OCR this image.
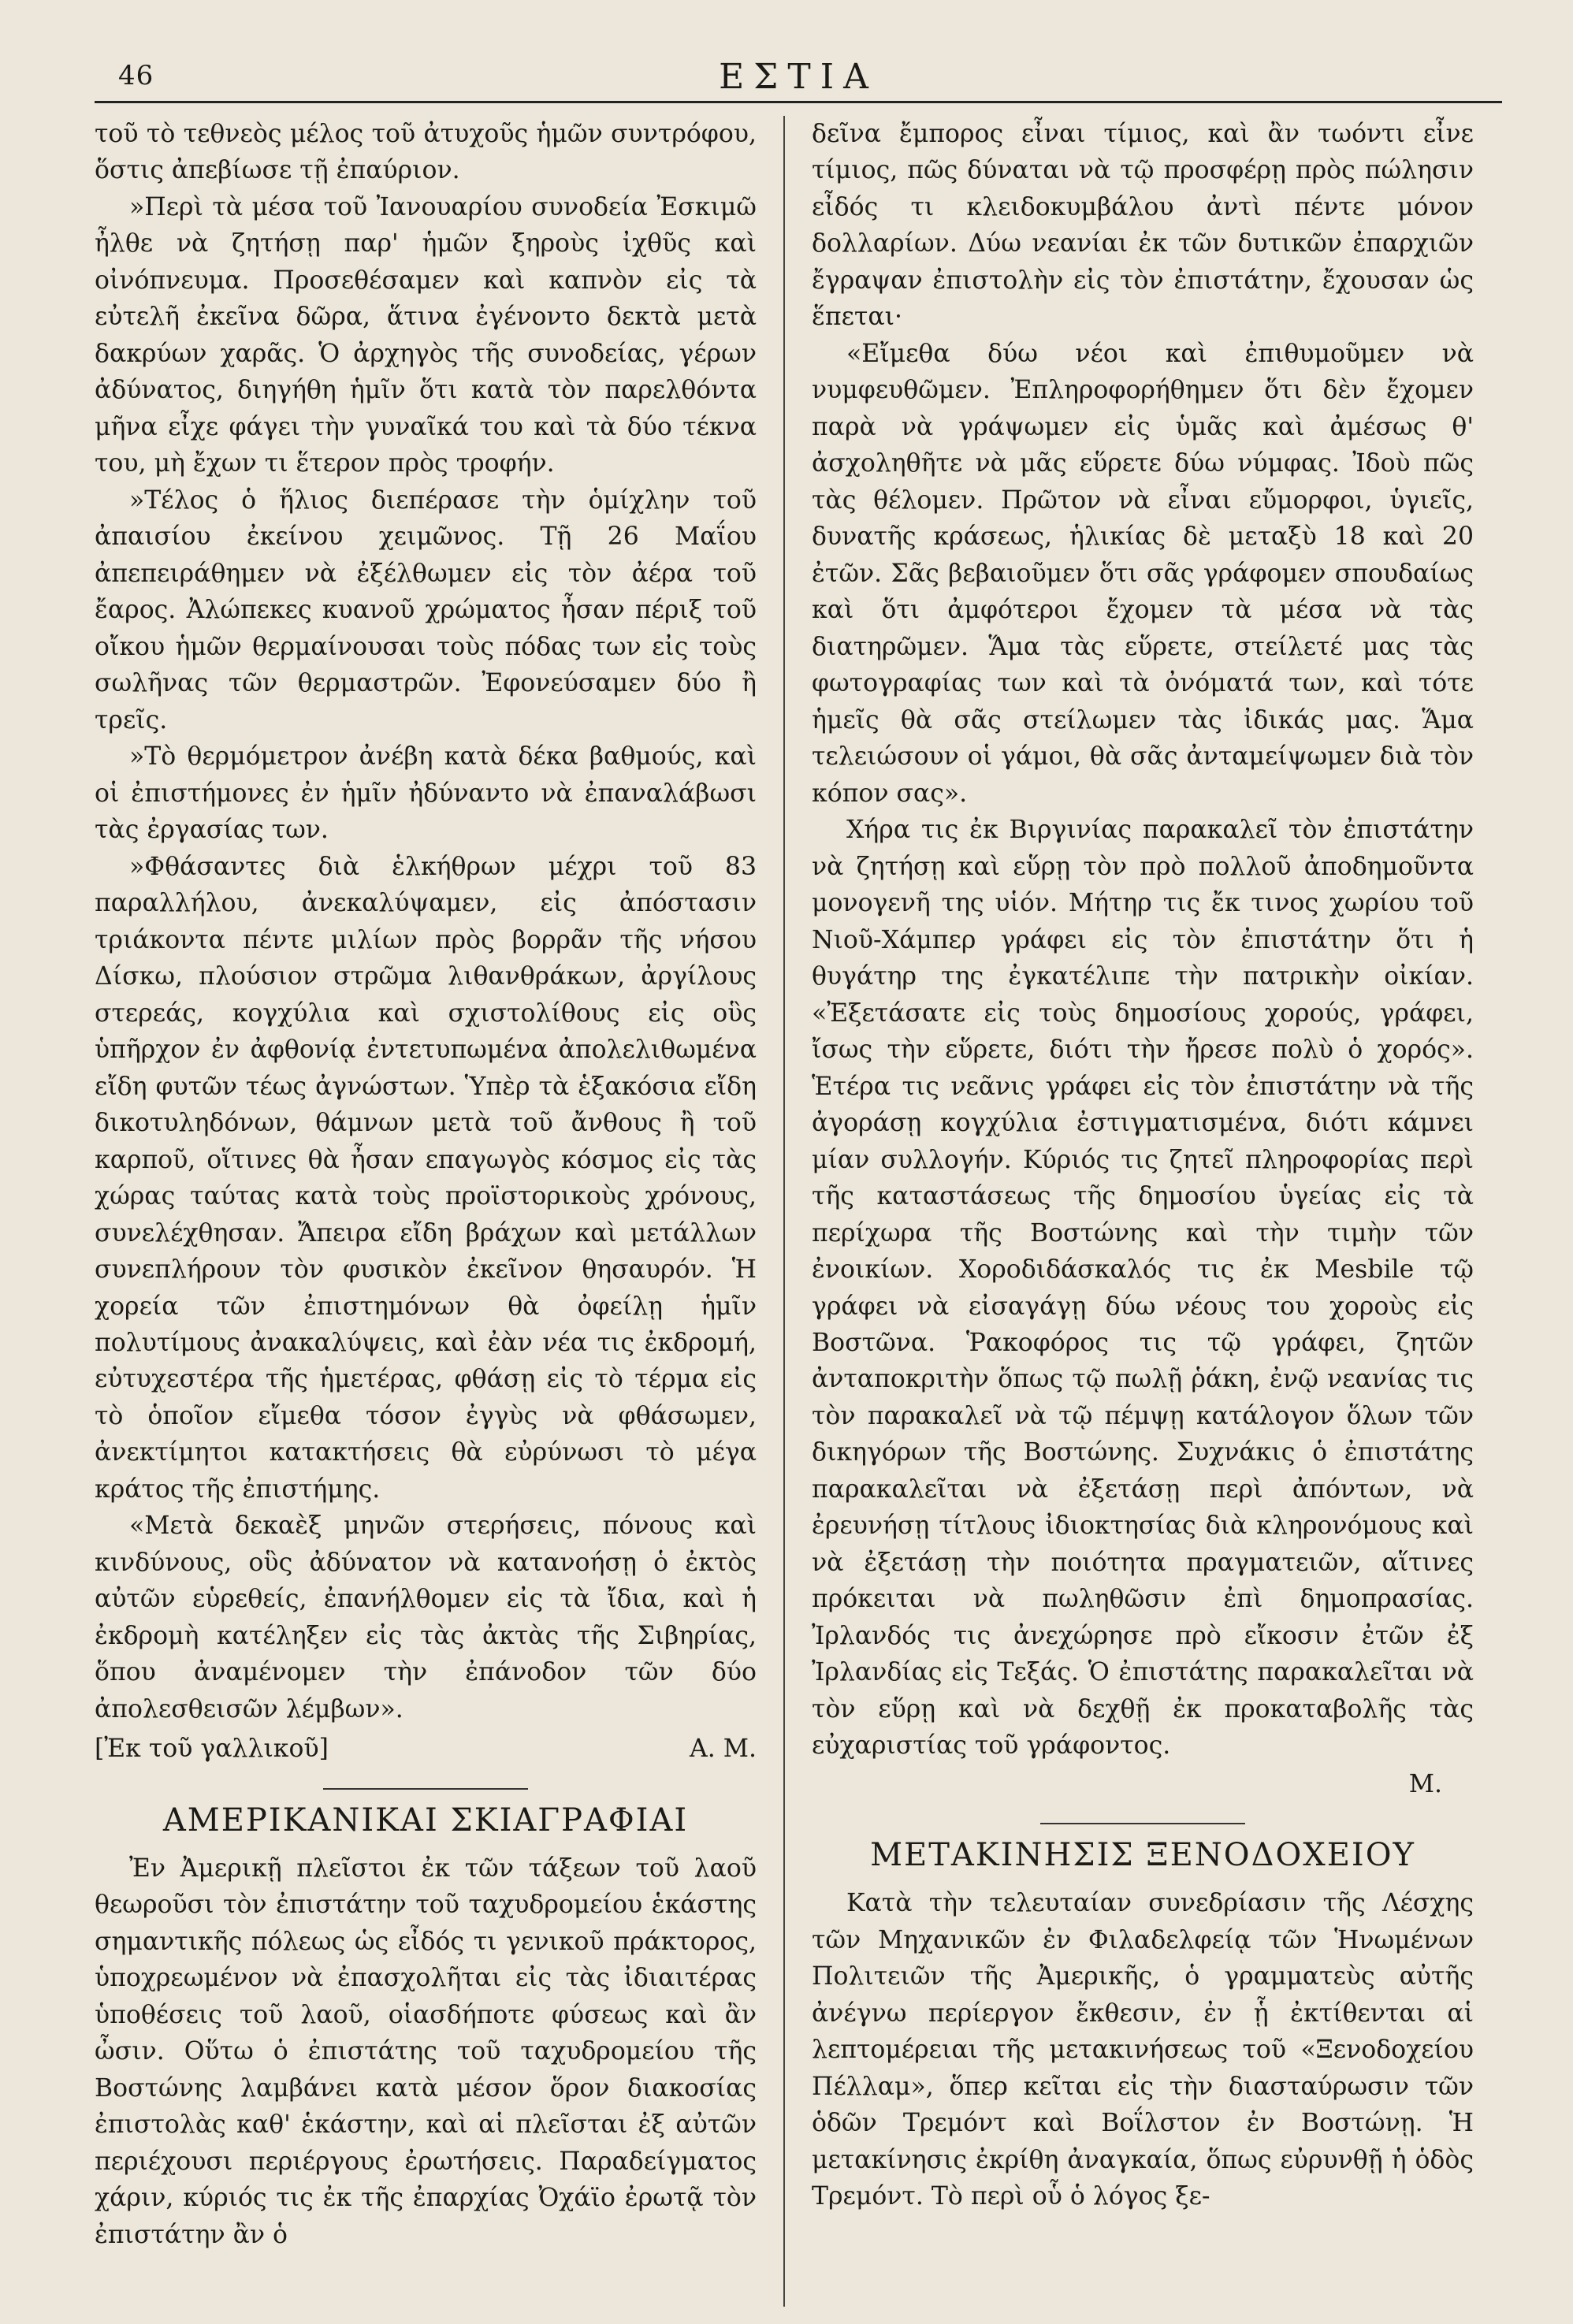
46	ΕΣΤΙΑ

τοῦ τὸ τεθνεὸς μέλος τοῦ ἀτυχοῦς ἡμῶν συντρόφου, ὅστις ἀπεβίωσε τῇ ἐπαύριον.

»Περὶ τὰ μέσα τοῦ Ἰανουαρίου συνοδεία Ἐσκιμῶ ἦλθε νὰ ζητήσῃ παρ' ἡμῶν ξηροὺς ἰχθῦς καὶ οἰνόπνευμα. Προσεθέσαμεν καὶ καπνὸν εἰς τὰ εὐτελῆ ἐκεῖνα δῶρα, ἅτινα ἐγένοντο δεκτὰ μετὰ δακρύων χαρᾶς. Ὁ ἀρχηγὸς τῆς συνοδείας, γέρων ἀδύνατος, διηγήθη ἡμῖν ὅτι κατὰ τὸν παρελθόντα μῆνα εἶχε φάγει τὴν γυναῖκά του καὶ τὰ δύο τέκνα του, μὴ ἔχων τι ἕτερον πρὸς τροφήν.

»Τέλος ὁ ἥλιος διεπέρασε τὴν ὁμίχλην τοῦ ἀπαισίου ἐκείνου χειμῶνος. Τῇ 26 Μαΐου ἀπεπειράθημεν νὰ ἐξέλθωμεν εἰς τὸν ἀέρα τοῦ ἔαρος. Ἀλώπεκες κυανοῦ χρώματος ἦσαν πέριξ τοῦ οἴκου ἡμῶν θερμαίνουσαι τοὺς πόδας των εἰς τοὺς σωλῆνας τῶν θερμαστρῶν. Ἐφονεύσαμεν δύο ἢ τρεῖς.

»Τὸ θερμόμετρον ἀνέβη κατὰ δέκα βαθμούς, καὶ οἱ ἐπιστήμονες ἐν ἡμῖν ἠδύναντο νὰ ἐπαναλάβωσι τὰς ἐργασίας των.

»Φθάσαντες διὰ ἑλκήθρων μέχρι τοῦ 83 παραλλήλου, ἀνεκαλύψαμεν, εἰς ἀπόστασιν τριάκοντα πέντε μιλίων πρὸς βορρᾶν τῆς νήσου Δίσκω, πλούσιον στρῶμα λιθανθράκων, ἀργίλους στερεάς, κογχύλια καὶ σχιστολίθους εἰς οὓς ὑπῆρχον ἐν ἀφθονίᾳ ἐντετυπωμένα ἀπολελιθωμένα εἴδη φυτῶν τέως ἀγνώστων. Ὑπὲρ τὰ ἑξακόσια εἴδη δικοτυληδόνων, θάμνων μετὰ τοῦ ἄνθους ἢ τοῦ καρποῦ, οἵτινες θὰ ἦσαν επαγωγὸς κόσμος εἰς τὰς χώρας ταύτας κατὰ τοὺς προϊστορικοὺς χρόνους, συνελέχθησαν. Ἄπειρα εἴδη βράχων καὶ μετάλλων συνεπλήρουν τὸν φυσικὸν ἐκεῖνον θησαυρόν. Ἡ χορεία τῶν ἐπιστημόνων θὰ ὀφείλῃ ἡμῖν πολυτίμους ἀνακαλύψεις, καὶ ἐὰν νέα τις ἐκδρομή, εὐτυχεστέρα τῆς ἡμετέρας, φθάσῃ εἰς τὸ τέρμα εἰς τὸ ὁποῖον εἴμεθα τόσον ἐγγὺς νὰ φθάσωμεν, ἀνεκτίμητοι κατακτήσεις θὰ εὐρύνωσι τὸ μέγα κράτος τῆς ἐπιστήμης.

«Μετὰ δεκαὲξ μηνῶν στερήσεις, πόνους καὶ κινδύνους, οὓς ἀδύνατον νὰ κατανοήσῃ ὁ ἐκτὸς αὐτῶν εὑρεθείς, ἐπανήλθομεν εἰς τὰ ἴδια, καὶ ἡ ἐκδρομὴ κατέληξεν εἰς τὰς ἀκτὰς τῆς Σιβηρίας, ὅπου ἀναμένομεν τὴν ἐπάνοδον τῶν δύο ἀπολεσθεισῶν λέμβων».

[Ἐκ τοῦ γαλλικοῦ]	Α. Μ.
ΑΜΕΡΙΚΑΝΙΚΑΙ ΣΚΙΑΓΡΑΦΙΑΙ

Ἐν Ἀμερικῇ πλεῖστοι ἐκ τῶν τάξεων τοῦ λαοῦ θεωροῦσι τὸν ἐπιστάτην τοῦ ταχυδρομείου ἑκάστης σημαντικῆς πόλεως ὡς εἶδός τι γενικοῦ πράκτορος, ὑποχρεωμένον νὰ ἐπασχολῆται εἰς τὰς ἰδιαιτέρας ὑποθέσεις τοῦ λαοῦ, οἱασδήποτε φύσεως καὶ ἂν ὦσιν. Οὕτω ὁ ἐπιστάτης τοῦ ταχυδρομείου τῆς Βοστώνης λαμβάνει κατὰ μέσον ὅρον διακοσίας ἐπιστολὰς καθ' ἑκάστην, καὶ αἱ πλεῖσται ἐξ αὐτῶν περιέχουσι περιέργους ἐρωτήσεις. Παραδείγματος χάριν, κύριός τις ἐκ τῆς ἐπαρχίας Ὀχάϊο ἐρωτᾷ τὸν ἐπιστάτην ἂν ὁ

δεῖνα ἔμπορος εἶναι τίμιος, καὶ ἂν τωόντι εἶνε τίμιος, πῶς δύναται νὰ τῷ προσφέρῃ πρὸς πώλησιν εἶδός τι κλειδοκυμβάλου ἀντὶ πέντε μόνον δολλαρίων. Δύω νεανίαι ἐκ τῶν δυτικῶν ἐπαρχιῶν ἔγραψαν ἐπιστολὴν εἰς τὸν ἐπιστάτην, ἔχουσαν ὡς ἕπεται·

«Εἴμεθα δύω νέοι καὶ ἐπιθυμοῦμεν νὰ νυμφευθῶμεν. Ἐπληροφορήθημεν ὅτι δὲν ἔχομεν παρὰ νὰ γράψωμεν εἰς ὑμᾶς καὶ ἀμέσως θ' ἀσχοληθῆτε νὰ μᾶς εὕρετε δύω νύμφας. Ἰδοὺ πῶς τὰς θέλομεν. Πρῶτον νὰ εἶναι εὔμορφοι, ὑγιεῖς, δυνατῆς κράσεως, ἡλικίας δὲ μεταξὺ 18 καὶ 20 ἐτῶν. Σᾶς βεβαιοῦμεν ὅτι σᾶς γράφομεν σπουδαίως καὶ ὅτι ἀμφότεροι ἔχομεν τὰ μέσα νὰ τὰς διατηρῶμεν. Ἅμα τὰς εὕρετε, στείλετέ μας τὰς φωτογραφίας των καὶ τὰ ὀνόματά των, καὶ τότε ἡμεῖς θὰ σᾶς στείλωμεν τὰς ἰδικάς μας. Ἅμα τελειώσουν οἱ γάμοι, θὰ σᾶς ἀνταμείψωμεν διὰ τὸν κόπον σας».

Χήρα τις ἐκ Βιργινίας παρακαλεῖ τὸν ἐπιστάτην νὰ ζητήσῃ καὶ εὕρῃ τὸν πρὸ πολλοῦ ἀποδημοῦντα μονογενῆ της υἱόν. Μήτηρ τις ἔκ τινος χωρίου τοῦ Νιοῦ-Χάμπερ γράφει εἰς τὸν ἐπιστάτην ὅτι ἡ θυγάτηρ της ἐγκατέλιπε τὴν πατρικὴν οἰκίαν. «Ἐξετάσατε εἰς τοὺς δημοσίους χορούς, γράφει, ἴσως τὴν εὕρετε, διότι τὴν ἤρεσε πολὺ ὁ χορός». Ἑτέρα τις νεᾶνις γράφει εἰς τὸν ἐπιστάτην νὰ τῆς ἀγοράσῃ κογχύλια ἐστιγματισμένα, διότι κάμνει μίαν συλλογήν. Κύριός τις ζητεῖ πληροφορίας περὶ τῆς καταστάσεως τῆς δημοσίου ὑγείας εἰς τὰ περίχωρα τῆς Βοστώνης καὶ τὴν τιμὴν τῶν ἐνοικίων. Χοροδιδάσκαλός τις ἐκ Mesbile τῷ γράφει νὰ εἰσαγάγῃ δύω νέους του χοροὺς εἰς Βοστῶνα. Ῥακοφόρος τις τῷ γράφει, ζητῶν ἀνταποκριτὴν ὅπως τῷ πωλῇ ῥάκη, ἐνῷ νεανίας τις τὸν παρακαλεῖ νὰ τῷ πέμψῃ κατάλογον ὅλων τῶν δικηγόρων τῆς Βοστώνης. Συχνάκις ὁ ἐπιστάτης παρακαλεῖται νὰ ἐξετάσῃ περὶ ἀπόντων, νὰ ἐρευνήσῃ τίτλους ἰδιοκτησίας διὰ κληρονόμους καὶ νὰ ἐξετάσῃ τὴν ποιότητα πραγματειῶν, αἵτινες πρόκειται νὰ πωληθῶσιν ἐπὶ δημοπρασίας. Ἰρλανδός τις ἀνεχώρησε πρὸ εἴκοσιν ἐτῶν ἐξ Ἰρλανδίας εἰς Τεξάς. Ὁ ἐπιστάτης παρακαλεῖται νὰ τὸν εὕρῃ καὶ νὰ δεχθῇ ἐκ προκαταβολῆς τὰς εὐχαριστίας τοῦ γράφοντος.

Μ.
ΜΕΤΑΚΙΝΗΣΙΣ ΞΕΝΟΔΟΧΕΙΟΥ

Κατὰ τὴν τελευταίαν συνεδρίασιν τῆς Λέσχης τῶν Μηχανικῶν ἐν Φιλαδελφείᾳ τῶν Ἡνωμένων Πολιτειῶν τῆς Ἀμερικῆς, ὁ γραμματεὺς αὐτῆς ἀνέγνω περίεργον ἔκθεσιν, ἐν ᾗ ἐκτίθενται αἱ λεπτομέρειαι τῆς μετακινήσεως τοῦ «Ξενοδοχείου Πέλλαμ», ὅπερ κεῖται εἰς τὴν διασταύρωσιν τῶν ὁδῶν Τρεμόντ καὶ Βοΐλστον ἐν Βοστώνῃ. Ἡ μετακίνησις ἐκρίθη ἀναγκαία, ὅπως εὐρυνθῇ ἡ ὁδὸς Τρεμόντ. Τὸ περὶ οὗ ὁ λόγος ξε-
